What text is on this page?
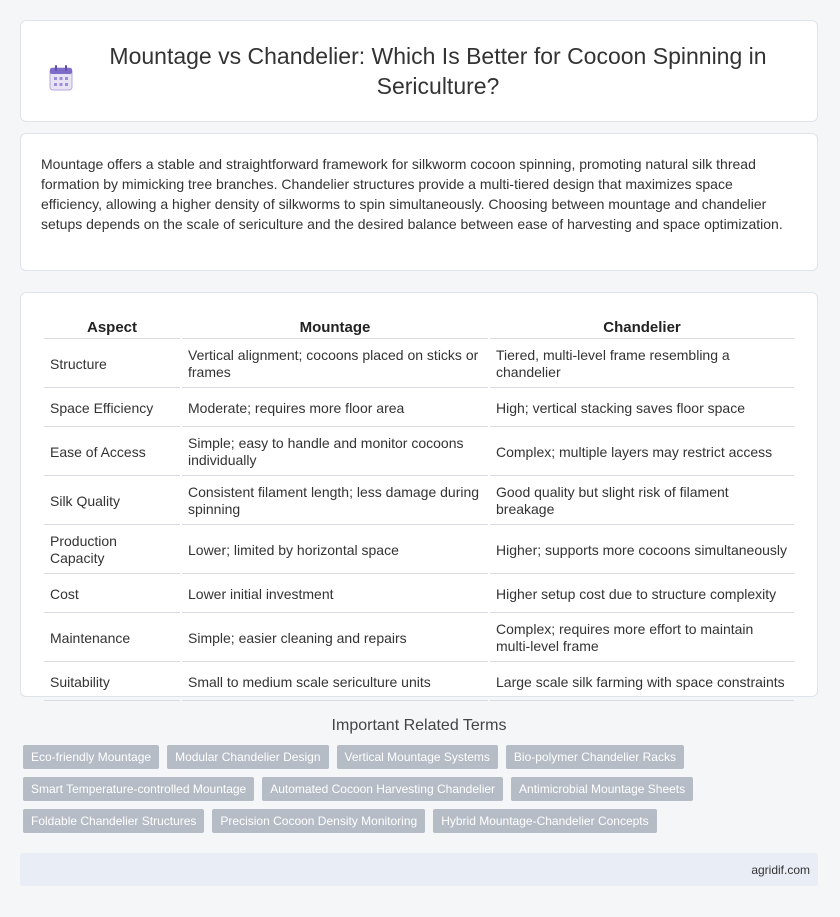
Mountage vs Chandelier: Which Is Better for Cocoon Spinning in Sericulture?

Mountage offers a stable and straightforward framework for silkworm cocoon spinning, promoting natural silk thread formation by mimicking tree branches. Chandelier structures provide a multi-tiered design that maximizes space efficiency, allowing a higher density of silkworms to spin simultaneously. Choosing between mountage and chandelier setups depends on the scale of sericulture and the desired balance between ease of harvesting and space optimization.

Aspect	Mountage	Chandelier
Structure	Vertical alignment; cocoons placed on sticks or frames	Tiered, multi-level frame resembling a chandelier
Space Efficiency	Moderate; requires more floor area	High; vertical stacking saves floor space
Ease of Access	Simple; easy to handle and monitor cocoons individually	Complex; multiple layers may restrict access
Silk Quality	Consistent filament length; less damage during spinning	Good quality but slight risk of filament breakage
Production Capacity	Lower; limited by horizontal space	Higher; supports more cocoons simultaneously
Cost	Lower initial investment	Higher setup cost due to structure complexity
Maintenance	Simple; easier cleaning and repairs	Complex; requires more effort to maintain multi-level frame
Suitability	Small to medium scale sericulture units	Large scale silk farming with space constraints
Important Related Terms
Eco-friendly Mountage	Modular Chandelier Design	Vertical Mountage Systems	Bio-polymer Chandelier Racks
Smart Temperature-controlled Mountage	Automated Cocoon Harvesting Chandelier	Antimicrobial Mountage Sheets
Foldable Chandelier Structures	Precision Cocoon Density Monitoring	Hybrid Mountage-Chandelier Concepts
agridif.com
